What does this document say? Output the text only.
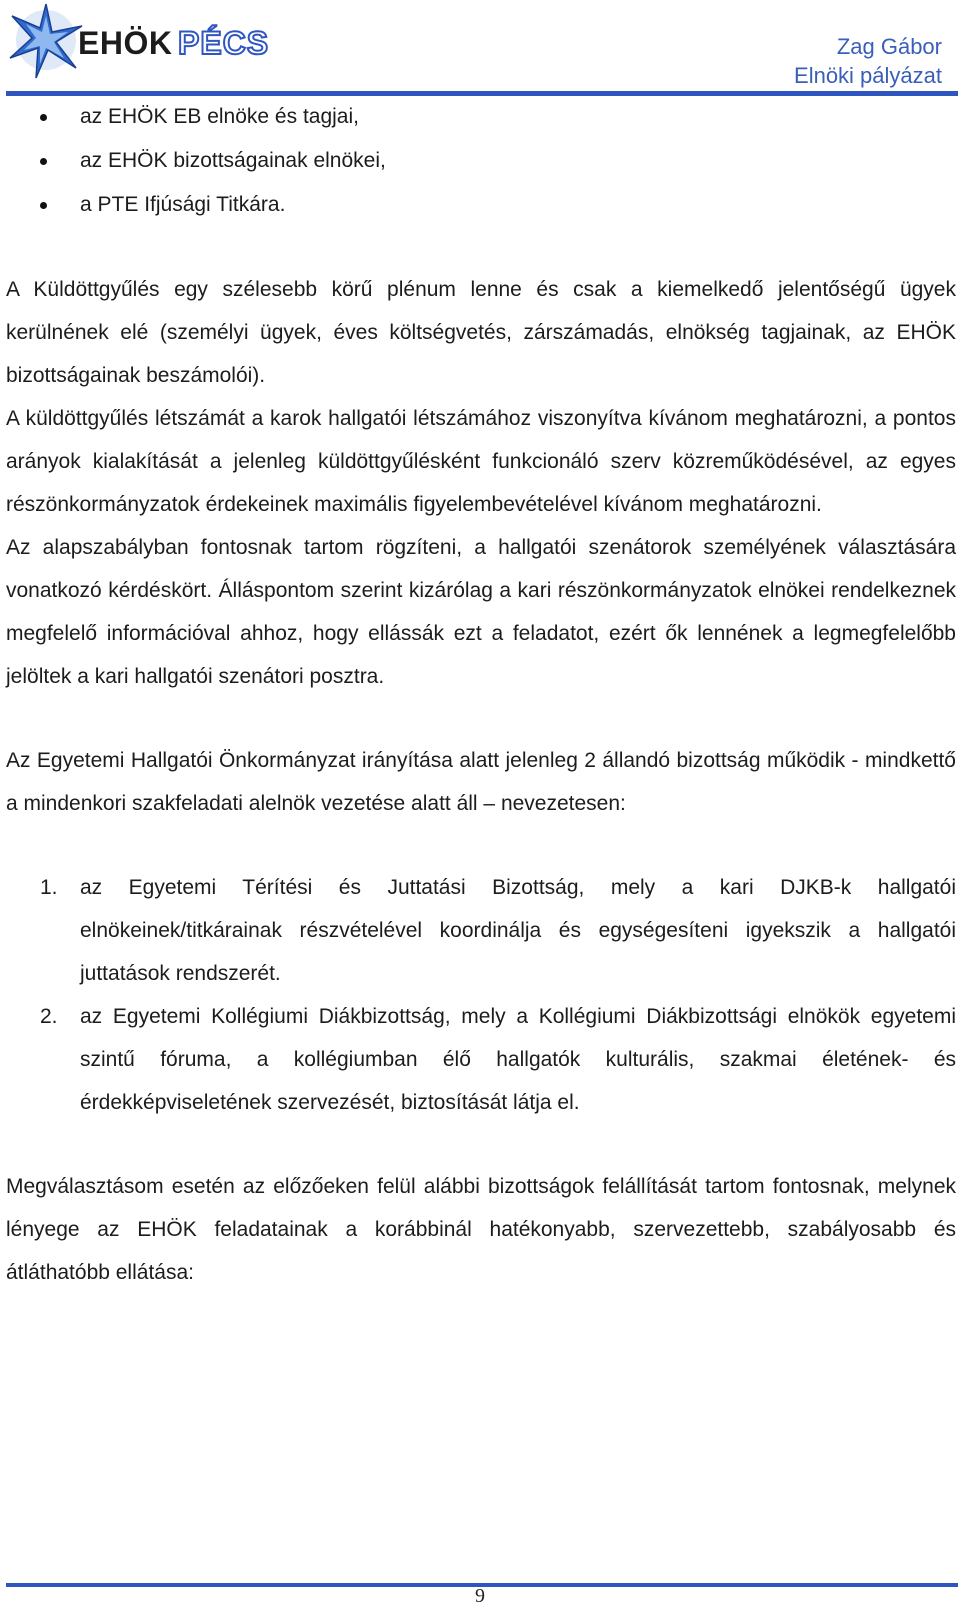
EHÖK PÉCS	Zag Gábor
Elnöki pályázat
az EHÖK EB elnöke és tagjai,
az EHÖK bizottságainak elnökei,
a PTE Ifjúsági Titkára.

A Küldöttgyűlés egy szélesebb körű plénum lenne és csak a kiemelkedő jelentőségű ügyek kerülnének elé (személyi ügyek, éves költségvetés, zárszámadás, elnökség tagjainak, az EHÖK bizottságainak beszámolói).

A küldöttgyűlés létszámát a karok hallgatói létszámához viszonyítva kívánom meghatározni, a pontos arányok kialakítását a jelenleg küldöttgyűlésként funkcionáló szerv közreműködésével, az egyes részönkormányzatok érdekeinek maximális figyelembevételével kívánom meghatározni.

Az alapszabályban fontosnak tartom rögzíteni, a hallgatói szenátorok személyének választására vonatkozó kérdéskört. Álláspontom szerint kizárólag a kari részönkormányzatok elnökei rendelkeznek megfelelő információval ahhoz, hogy ellássák ezt a feladatot, ezért ők lennének a legmegfelelőbb jelöltek a kari hallgatói szenátori posztra.

Az Egyetemi Hallgatói Önkormányzat irányítása alatt jelenleg 2 állandó bizottság működik - mindkettő a mindenkori szakfeladati alelnök vezetése alatt áll – nevezetesen:

1. az Egyetemi Térítési és Juttatási Bizottság, mely a kari DJKB-k hallgatói elnökeinek/titkárainak részvételével koordinálja és egységesíteni igyekszik a hallgatói juttatások rendszerét.
2. az Egyetemi Kollégiumi Diákbizottság, mely a Kollégiumi Diákbizottsági elnökök egyetemi szintű fóruma, a kollégiumban élő hallgatók kulturális, szakmai életének- és érdekképviseletének szervezését, biztosítását látja el.

Megválasztásom esetén az előzőeken felül alábbi bizottságok felállítását tartom fontosnak, melynek lényege az EHÖK feladatainak a korábbinál hatékonyabb, szervezettebb, szabályosabb és átláthatóbb ellátása:

9
